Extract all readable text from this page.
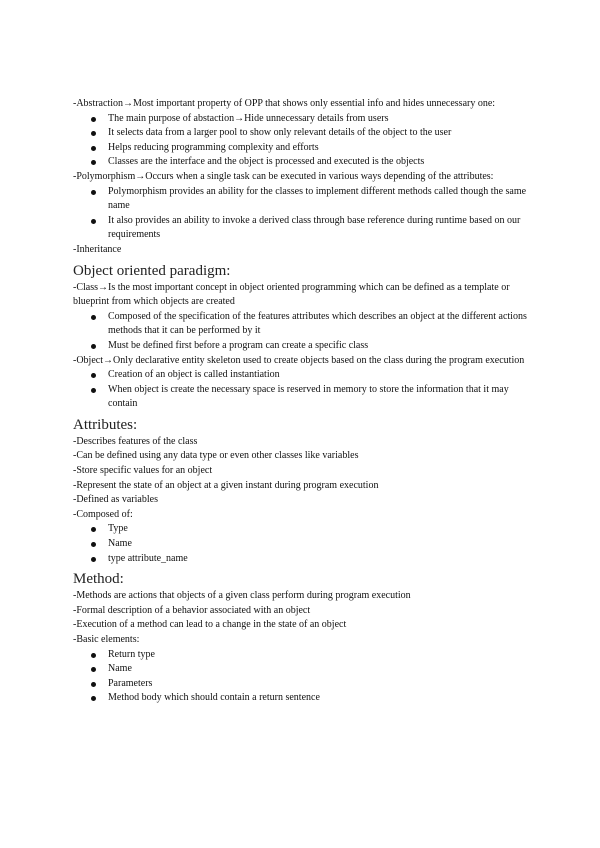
-Abstraction→Most important property of OPP that shows only essential info and hides unnecessary one:

The main purpose of abstaction→Hide unnecessary details from users
It selects data from a larger pool to show only relevant details of the object to the user
Helps reducing programming complexity and efforts
Classes are the interface and the object is processed and executed is the objects

-Polymorphism→Occurs when a single task can be executed in various ways depending of the attributes:

Polymorphism provides an ability for the classes to implement different methods called though the same name
It also provides an ability to invoke a derived class through base reference during runtime based on our requirements

-Inheritance

Object oriented paradigm:

-Class→Is the most important concept in object oriented programming which can be defined as a template or blueprint from which objects are created

Composed of the specification of the features attributes which describes an object at the different actions methods that it can be performed by it
Must be defined first before a program can create a specific class

-Object→Only declarative entity skeleton used to create objects based on the class during the program execution

Creation of an object is called instantiation
When object is create the necessary space is reserved in memory to store the information that it may contain
Attributes:

-Describes features of the class

-Can be defined using any data type or even other classes like variables

-Store specific values for an object

-Represent the state of an object at a given instant during program execution

-Defined as variables

-Composed of:

Type
Name
type attribute_name
Method:

-Methods are actions that objects of a given class perform during program execution

-Formal description of a behavior associated with an object

-Execution of a method can lead to a change in the state of an object

-Basic elements:

Return type
Name
Parameters
Method body which should contain a return sentence
